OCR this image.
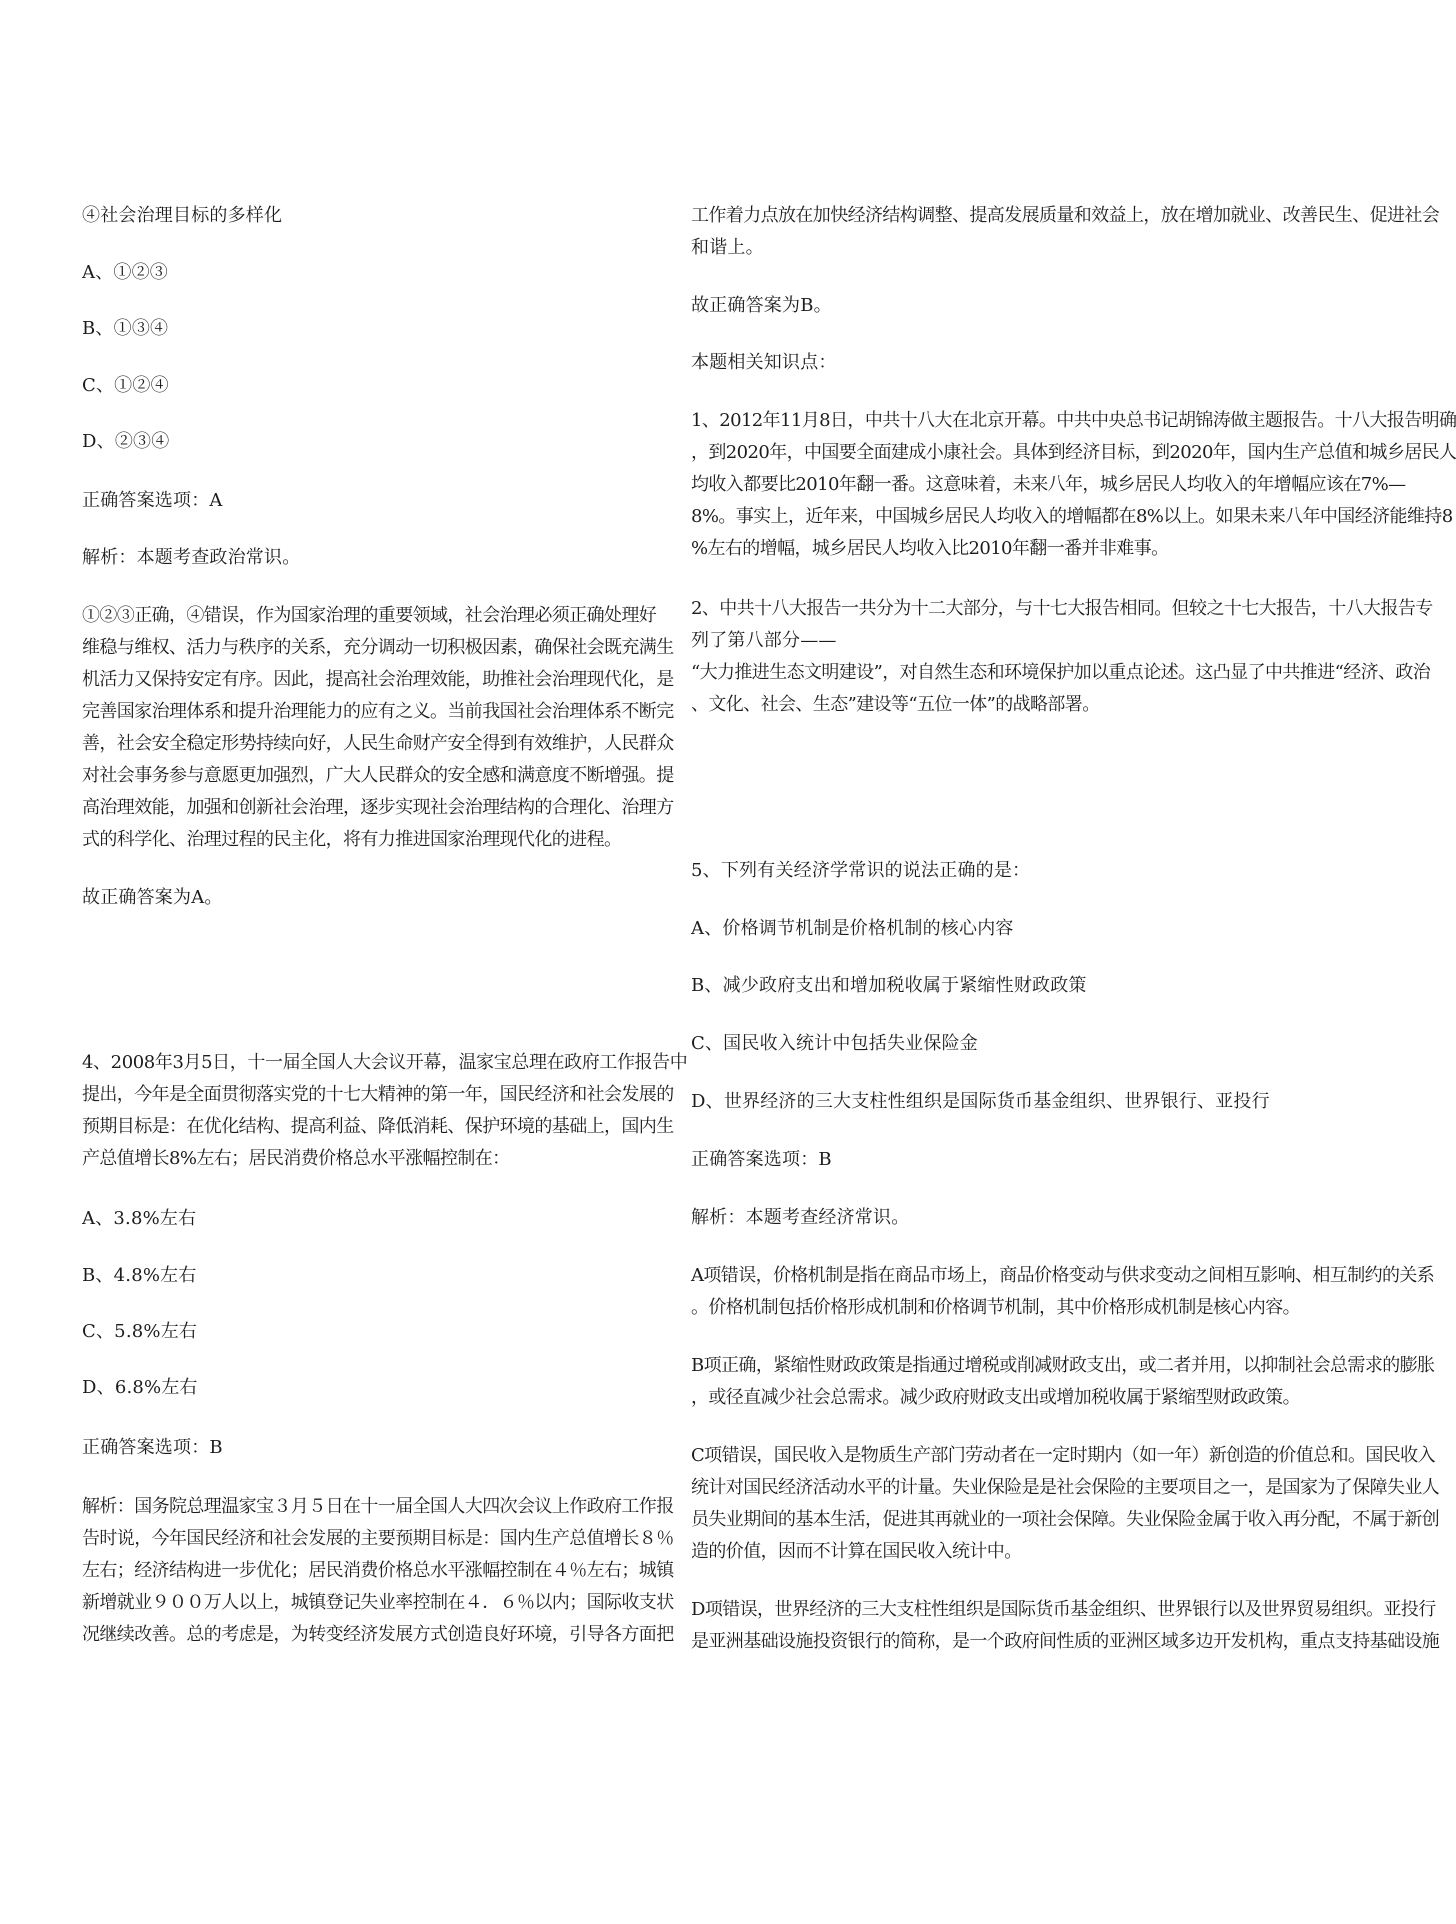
④社会治理目标的多样化
A、①②③
B、①③④
C、①②④
D、②③④
正确答案选项：A
解析：本题考查政治常识。
①②③正确，④错误，作为国家治理的重要领域，社会治理必须正确处理好
维稳与维权、活力与秩序的关系，充分调动一切积极因素，确保社会既充满生
机活力又保持安定有序。因此，提高社会治理效能，助推社会治理现代化，是
完善国家治理体系和提升治理能力的应有之义。当前我国社会治理体系不断完
善，社会安全稳定形势持续向好，人民生命财产安全得到有效维护，人民群众
对社会事务参与意愿更加强烈，广大人民群众的安全感和满意度不断增强。提
高治理效能，加强和创新社会治理，逐步实现社会治理结构的合理化、治理方
式的科学化、治理过程的民主化，将有力推进国家治理现代化的进程。
故正确答案为A。
4、2008年3月5日，十一届全国人大会议开幕，温家宝总理在政府工作报告中
提出，今年是全面贯彻落实党的十七大精神的第一年，国民经济和社会发展的
预期目标是：在优化结构、提高利益、降低消耗、保护环境的基础上，国内生
产总值增长8%左右；居民消费价格总水平涨幅控制在：
A、3.8%左右
B、4.8%左右
C、5.8%左右
D、6.8%左右
正确答案选项：B
解析：国务院总理温家宝３月５日在十一届全国人大四次会议上作政府工作报
告时说，今年国民经济和社会发展的主要预期目标是：国内生产总值增长８％
左右；经济结构进一步优化；居民消费价格总水平涨幅控制在４％左右；城镇
新增就业９００万人以上，城镇登记失业率控制在４．６％以内；国际收支状
况继续改善。总的考虑是，为转变经济发展方式创造良好环境，引导各方面把
工作着力点放在加快经济结构调整、提高发展质量和效益上，放在增加就业、改善民生、促进社会
和谐上。
故正确答案为B。
本题相关知识点：
1、2012年11月8日，中共十八大在北京开幕。中共中央总书记胡锦涛做主题报告。十八大报告明确
，到2020年，中国要全面建成小康社会。具体到经济目标，到2020年，国内生产总值和城乡居民人
均收入都要比2010年翻一番。这意味着，未来八年，城乡居民人均收入的年增幅应该在7%—
8%。事实上，近年来，中国城乡居民人均收入的增幅都在8%以上。如果未来八年中国经济能维持8
%左右的增幅，城乡居民人均收入比2010年翻一番并非难事。
2、中共十八大报告一共分为十二大部分，与十七大报告相同。但较之十七大报告，十八大报告专
列了第八部分——
“大力推进生态文明建设”，对自然生态和环境保护加以重点论述。这凸显了中共推进“经济、政治
、文化、社会、生态”建设等“五位一体”的战略部署。
5、下列有关经济学常识的说法正确的是：
A、价格调节机制是价格机制的核心内容
B、减少政府支出和增加税收属于紧缩性财政政策
C、国民收入统计中包括失业保险金
D、世界经济的三大支柱性组织是国际货币基金组织、世界银行、亚投行
正确答案选项：B
解析：本题考查经济常识。
A项错误，价格机制是指在商品市场上，商品价格变动与供求变动之间相互影响、相互制约的关系
。价格机制包括价格形成机制和价格调节机制，其中价格形成机制是核心内容。
B项正确，紧缩性财政政策是指通过增税或削减财政支出，或二者并用，以抑制社会总需求的膨胀
，或径直减少社会总需求。减少政府财政支出或增加税收属于紧缩型财政政策。
C项错误，国民收入是物质生产部门劳动者在一定时期内（如一年）新创造的价值总和。国民收入
统计对国民经济活动水平的计量。失业保险是是社会保险的主要项目之一，是国家为了保障失业人
员失业期间的基本生活，促进其再就业的一项社会保障。失业保险金属于收入再分配，不属于新创
造的价值，因而不计算在国民收入统计中。
D项错误，世界经济的三大支柱性组织是国际货币基金组织、世界银行以及世界贸易组织。亚投行
是亚洲基础设施投资银行的简称，是一个政府间性质的亚洲区域多边开发机构，重点支持基础设施
